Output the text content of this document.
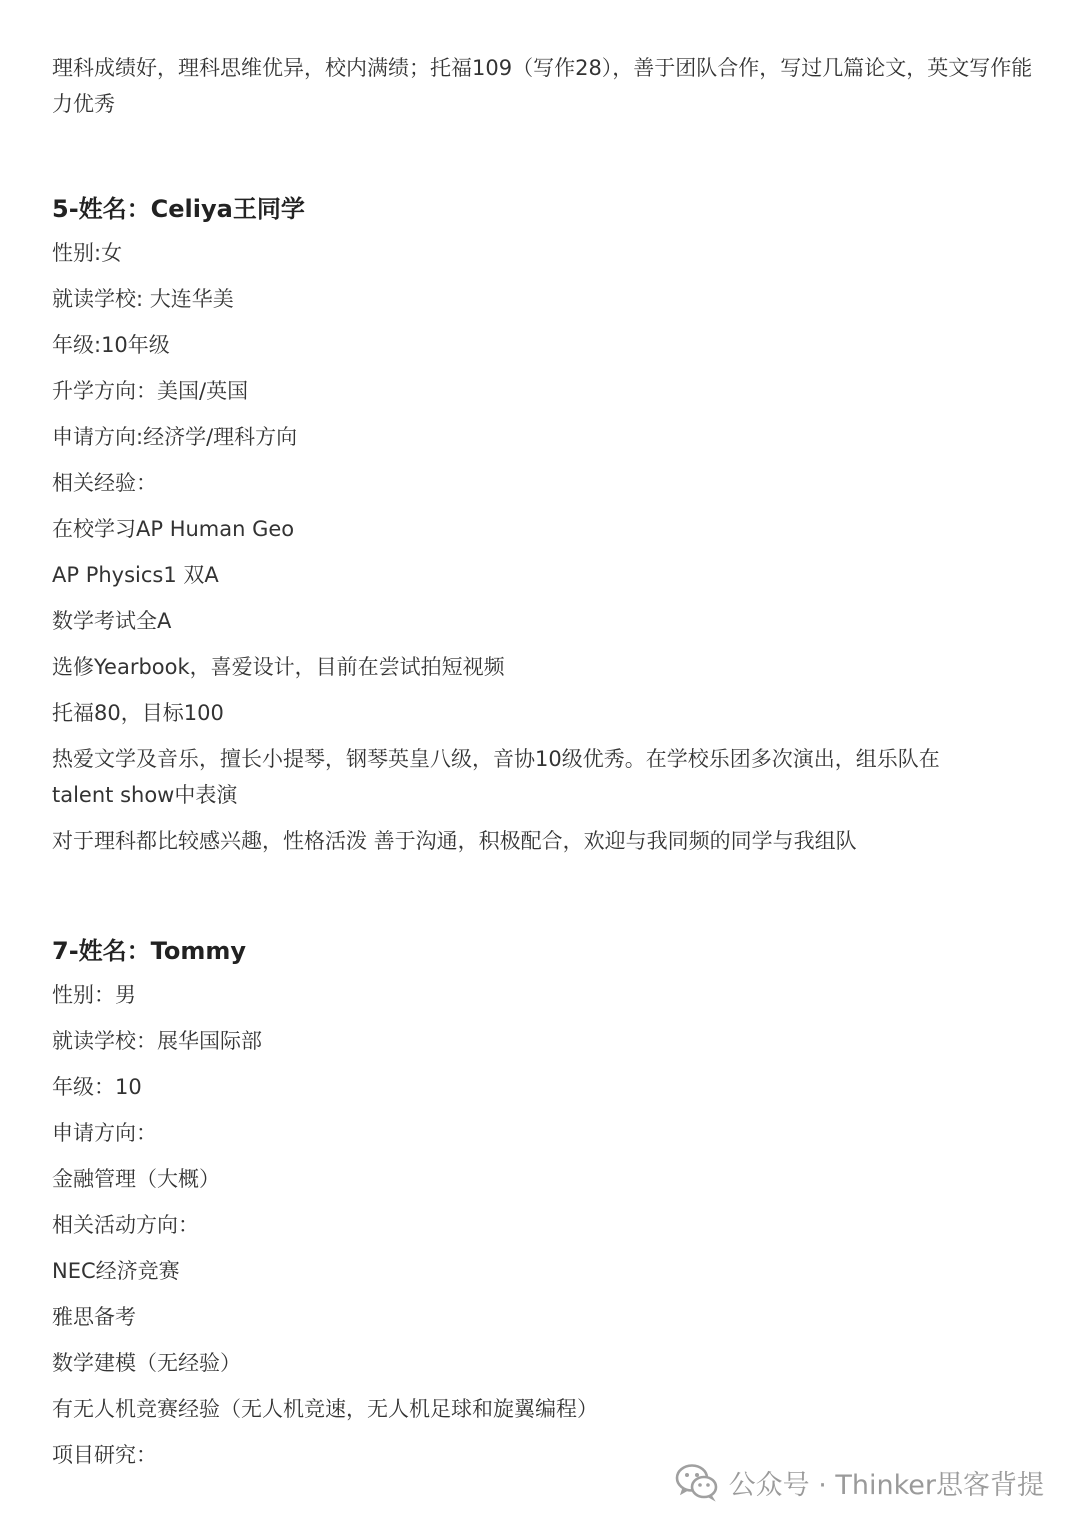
理科成绩好，理科思维优异，校内满绩；托福109（写作28），善于团队合作，写过几篇论文，英文写作能力优秀
5-姓名：Celiya王同学
性别:女
就读学校: 大连华美
年级:10年级
升学方向：美国/英国
申请方向:经济学/理科方向
相关经验：
在校学习AP Human Geo
AP Physics1 双A
数学考试全A
选修Yearbook，喜爱设计，目前在尝试拍短视频
托福80，目标100
热爱文学及音乐，擅长小提琴，钢琴英皇八级，音协10级优秀。在学校乐团多次演出，组乐队在talent show中表演
对于理科都比较感兴趣，性格活泼 善于沟通，积极配合，欢迎与我同频的同学与我组队
7-姓名：Tommy
性别：男
就读学校：展华国际部
年级：10
申请方向：
金融管理（大概）
相关活动方向：
NEC经济竞赛
雅思备考
数学建模（无经验）
有无人机竞赛经验（无人机竞速，无人机足球和旋翼编程）
项目研究：
公众号 · Thinker思客背提
